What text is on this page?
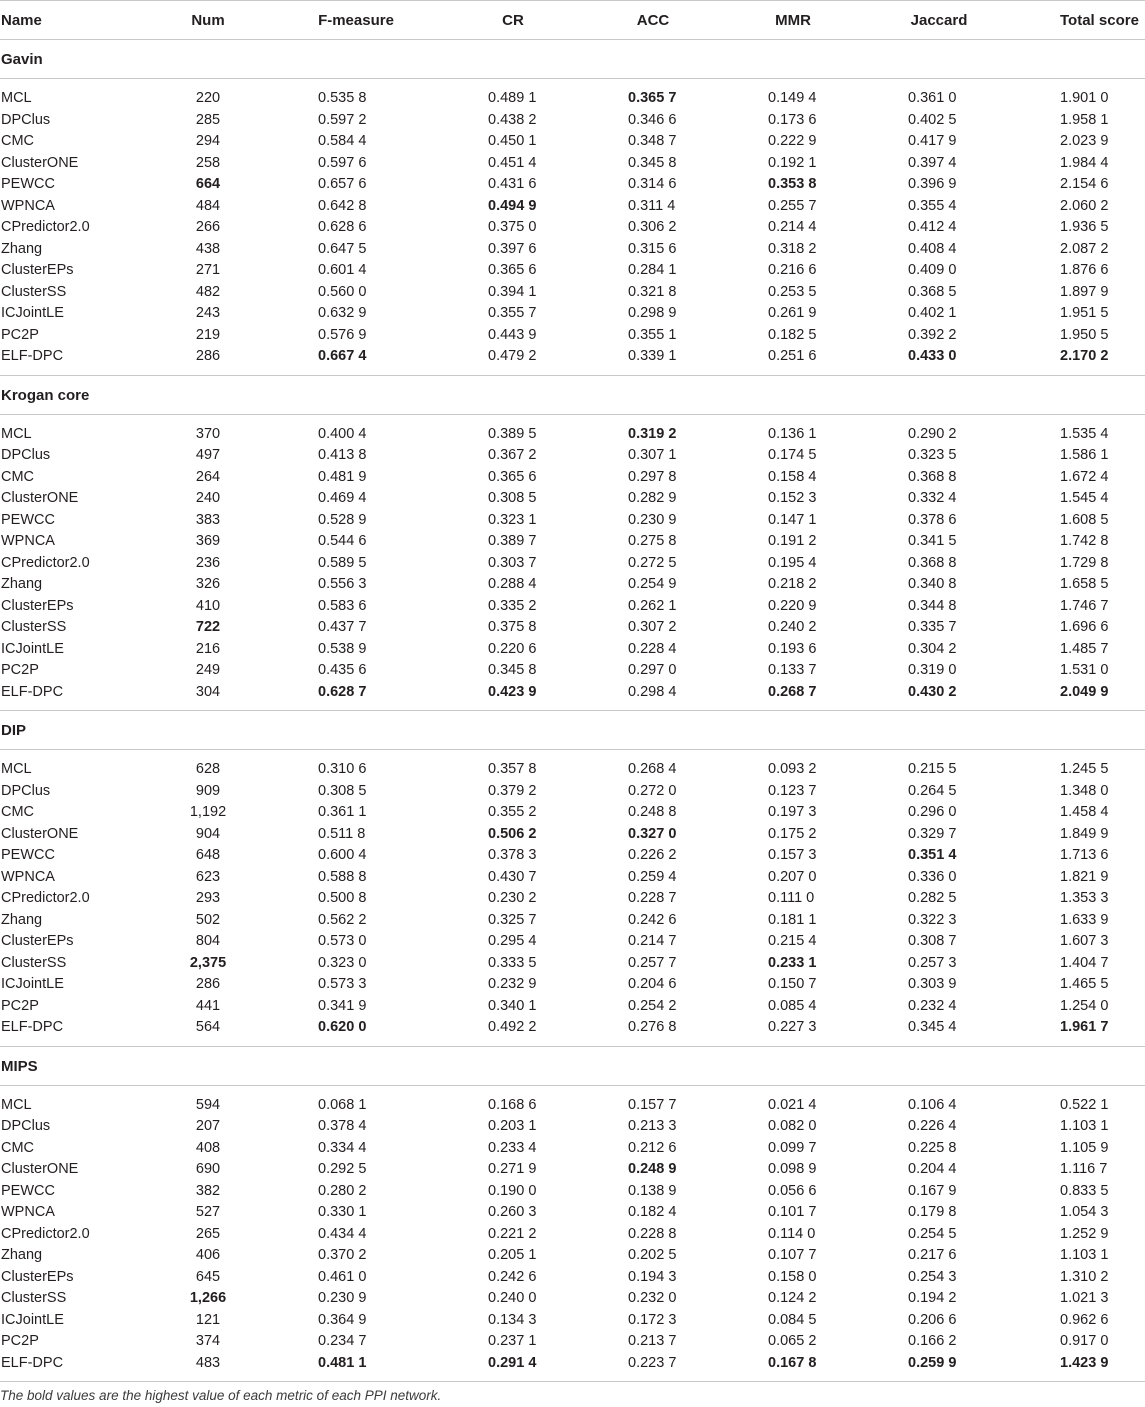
Name	Num	F-measure	CR	ACC	MMR	Jaccard	Total score
Gavin
MCL	220	0.535 8	0.489 1	0.365 7	0.149 4	0.361 0	1.901 0
DPClus	285	0.597 2	0.438 2	0.346 6	0.173 6	0.402 5	1.958 1
CMC	294	0.584 4	0.450 1	0.348 7	0.222 9	0.417 9	2.023 9
ClusterONE	258	0.597 6	0.451 4	0.345 8	0.192 1	0.397 4	1.984 4
PEWCC	664	0.657 6	0.431 6	0.314 6	0.353 8	0.396 9	2.154 6
WPNCA	484	0.642 8	0.494 9	0.311 4	0.255 7	0.355 4	2.060 2
CPredictor2.0	266	0.628 6	0.375 0	0.306 2	0.214 4	0.412 4	1.936 5
Zhang	438	0.647 5	0.397 6	0.315 6	0.318 2	0.408 4	2.087 2
ClusterEPs	271	0.601 4	0.365 6	0.284 1	0.216 6	0.409 0	1.876 6
ClusterSS	482	0.560 0	0.394 1	0.321 8	0.253 5	0.368 5	1.897 9
ICJointLE	243	0.632 9	0.355 7	0.298 9	0.261 9	0.402 1	1.951 5
PC2P	219	0.576 9	0.443 9	0.355 1	0.182 5	0.392 2	1.950 5
ELF-DPC	286	0.667 4	0.479 2	0.339 1	0.251 6	0.433 0	2.170 2
Krogan core
MCL	370	0.400 4	0.389 5	0.319 2	0.136 1	0.290 2	1.535 4
DPClus	497	0.413 8	0.367 2	0.307 1	0.174 5	0.323 5	1.586 1
CMC	264	0.481 9	0.365 6	0.297 8	0.158 4	0.368 8	1.672 4
ClusterONE	240	0.469 4	0.308 5	0.282 9	0.152 3	0.332 4	1.545 4
PEWCC	383	0.528 9	0.323 1	0.230 9	0.147 1	0.378 6	1.608 5
WPNCA	369	0.544 6	0.389 7	0.275 8	0.191 2	0.341 5	1.742 8
CPredictor2.0	236	0.589 5	0.303 7	0.272 5	0.195 4	0.368 8	1.729 8
Zhang	326	0.556 3	0.288 4	0.254 9	0.218 2	0.340 8	1.658 5
ClusterEPs	410	0.583 6	0.335 2	0.262 1	0.220 9	0.344 8	1.746 7
ClusterSS	722	0.437 7	0.375 8	0.307 2	0.240 2	0.335 7	1.696 6
ICJointLE	216	0.538 9	0.220 6	0.228 4	0.193 6	0.304 2	1.485 7
PC2P	249	0.435 6	0.345 8	0.297 0	0.133 7	0.319 0	1.531 0
ELF-DPC	304	0.628 7	0.423 9	0.298 4	0.268 7	0.430 2	2.049 9
DIP
MCL	628	0.310 6	0.357 8	0.268 4	0.093 2	0.215 5	1.245 5
DPClus	909	0.308 5	0.379 2	0.272 0	0.123 7	0.264 5	1.348 0
CMC	1,192	0.361 1	0.355 2	0.248 8	0.197 3	0.296 0	1.458 4
ClusterONE	904	0.511 8	0.506 2	0.327 0	0.175 2	0.329 7	1.849 9
PEWCC	648	0.600 4	0.378 3	0.226 2	0.157 3	0.351 4	1.713 6
WPNCA	623	0.588 8	0.430 7	0.259 4	0.207 0	0.336 0	1.821 9
CPredictor2.0	293	0.500 8	0.230 2	0.228 7	0.111 0	0.282 5	1.353 3
Zhang	502	0.562 2	0.325 7	0.242 6	0.181 1	0.322 3	1.633 9
ClusterEPs	804	0.573 0	0.295 4	0.214 7	0.215 4	0.308 7	1.607 3
ClusterSS	2,375	0.323 0	0.333 5	0.257 7	0.233 1	0.257 3	1.404 7
ICJointLE	286	0.573 3	0.232 9	0.204 6	0.150 7	0.303 9	1.465 5
PC2P	441	0.341 9	0.340 1	0.254 2	0.085 4	0.232 4	1.254 0
ELF-DPC	564	0.620 0	0.492 2	0.276 8	0.227 3	0.345 4	1.961 7
MIPS
MCL	594	0.068 1	0.168 6	0.157 7	0.021 4	0.106 4	0.522 1
DPClus	207	0.378 4	0.203 1	0.213 3	0.082 0	0.226 4	1.103 1
CMC	408	0.334 4	0.233 4	0.212 6	0.099 7	0.225 8	1.105 9
ClusterONE	690	0.292 5	0.271 9	0.248 9	0.098 9	0.204 4	1.116 7
PEWCC	382	0.280 2	0.190 0	0.138 9	0.056 6	0.167 9	0.833 5
WPNCA	527	0.330 1	0.260 3	0.182 4	0.101 7	0.179 8	1.054 3
CPredictor2.0	265	0.434 4	0.221 2	0.228 8	0.114 0	0.254 5	1.252 9
Zhang	406	0.370 2	0.205 1	0.202 5	0.107 7	0.217 6	1.103 1
ClusterEPs	645	0.461 0	0.242 6	0.194 3	0.158 0	0.254 3	1.310 2
ClusterSS	1,266	0.230 9	0.240 0	0.232 0	0.124 2	0.194 2	1.021 3
ICJointLE	121	0.364 9	0.134 3	0.172 3	0.084 5	0.206 6	0.962 6
PC2P	374	0.234 7	0.237 1	0.213 7	0.065 2	0.166 2	0.917 0
ELF-DPC	483	0.481 1	0.291 4	0.223 7	0.167 8	0.259 9	1.423 9
The bold values are the highest value of each metric of each PPI network.
